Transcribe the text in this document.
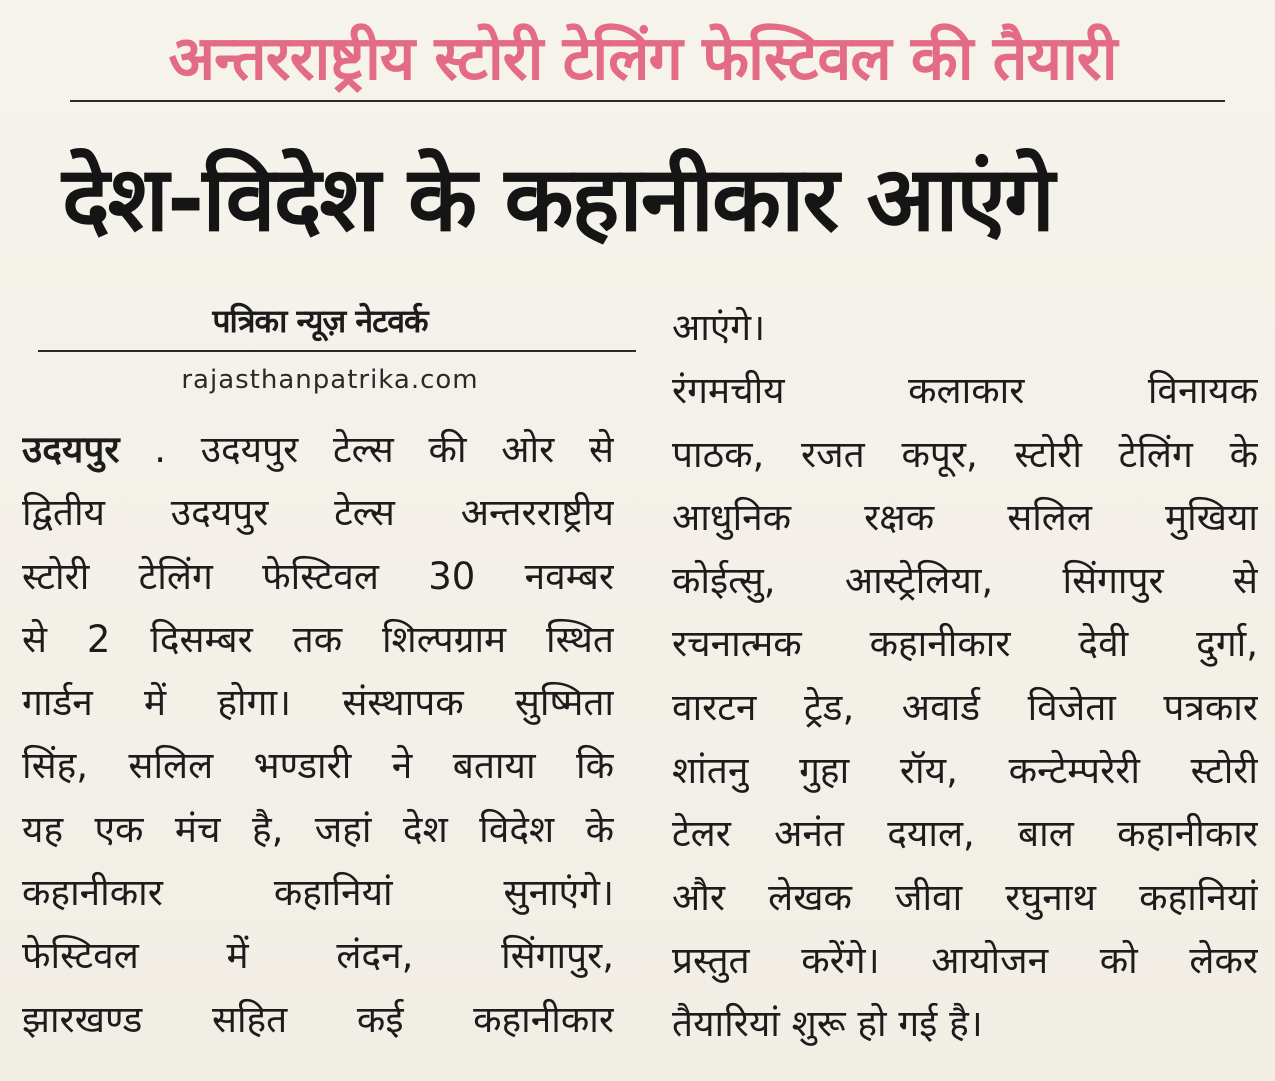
अन्तरराष्ट्रीय स्टोरी टेलिंग फेस्टिवल की तैयारी
देश-विदेश के कहानीकार आएंगे
पत्रिका न्यूज़ नेटवर्क
rajasthanpatrika.com
उदयपुर . उदयपुर टेल्स की ओर से
द्वितीय उदयपुर टेल्स अन्तरराष्ट्रीय
स्टोरी टेलिंग फेस्टिवल 30 नवम्बर
से 2 दिसम्बर तक शिल्पग्राम स्थित
गार्डन में होगा। संस्थापक सुष्मिता
सिंह, सलिल भण्डारी ने बताया कि
यह एक मंच है, जहां देश विदेश के
कहानीकार कहानियां सुनाएंगे।
फेस्टिवल में लंदन, सिंगापुर,
झारखण्ड सहित कई कहानीकार
आएंगे।
रंगमचीय कलाकार विनायक
पाठक, रजत कपूर, स्टोरी टेलिंग के
आधुनिक रक्षक सलिल मुखिया
कोईत्सु, आस्ट्रेलिया, सिंगापुर से
रचनात्मक कहानीकार देवी दुर्गा,
वारटन ट्रेड, अवार्ड विजेता पत्रकार
शांतनु गुहा रॉय, कन्टेम्परेरी स्टोरी
टेलर अनंत दयाल, बाल कहानीकार
और लेखक जीवा रघुनाथ कहानियां
प्रस्तुत करेंगे। आयोजन को लेकर
तैयारियां शुरू हो गई है।
